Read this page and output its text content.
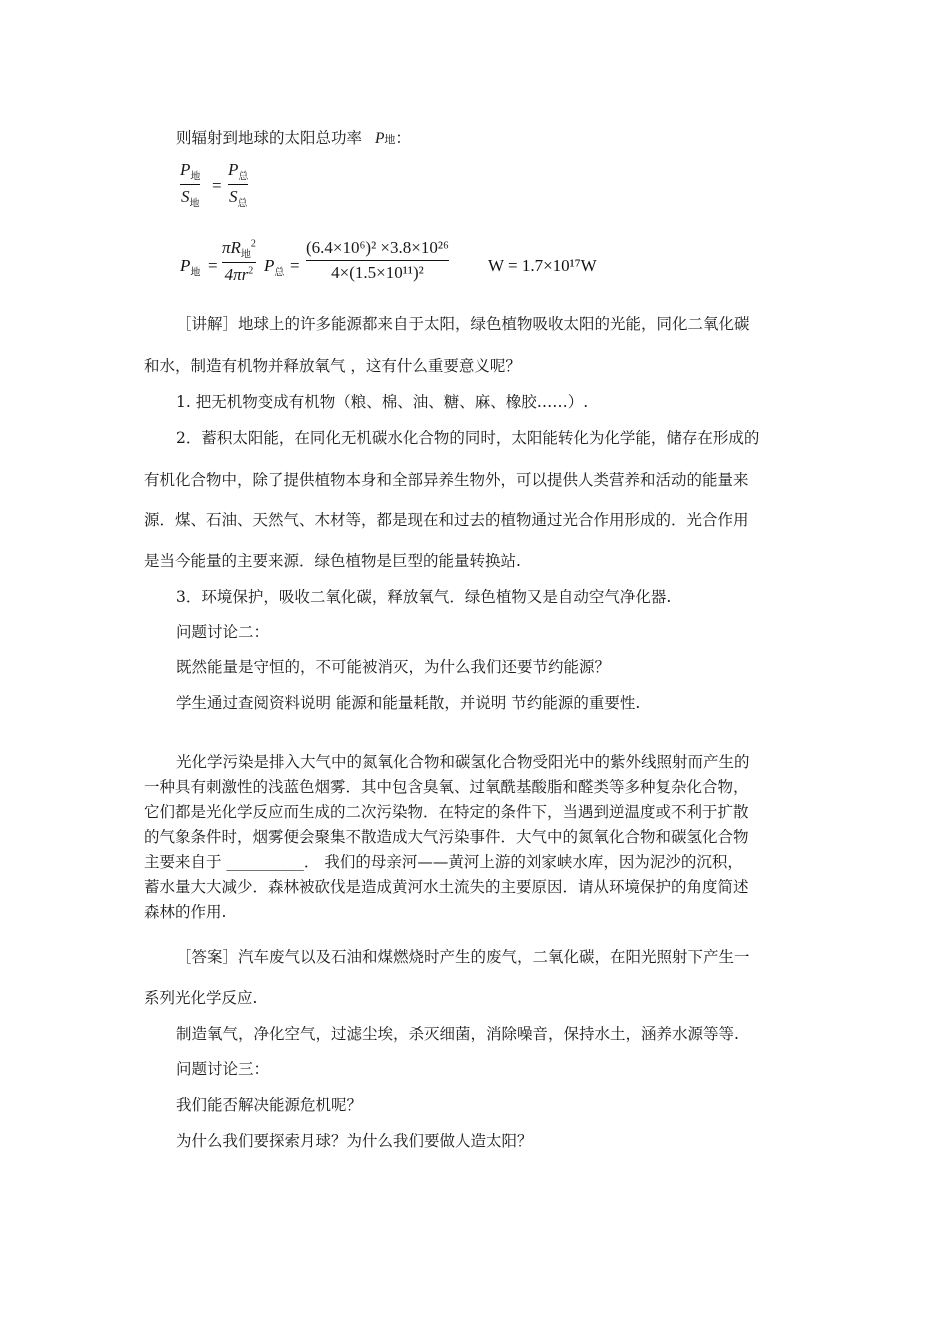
则辐射到地球的太阳总功率 P地：
$P_地$
$S_地$
=
$P_总$
$S_总$
$P_地$ =
$\pi R_地^2$
$4\pi r^2$ $P_总$ =
(6.4×10⁶)² ×3.8×10²⁶
4×(1.5×10¹¹)²	W = 1.7×10¹⁷W
［讲解］地球上的许多能源都来自于太阳，绿色植物吸收太阳的光能，同化二氧化碳
和水，制造有机物并释放氧气 ，这有什么重要意义呢？
1. 把无机物变成有机物（粮、棉、油、糖、麻、橡胶……）.
2．蓄积太阳能，在同化无机碳水化合物的同时，太阳能转化为化学能，储存在形成的
有机化合物中，除了提供植物本身和全部异养生物外，可以提供人类营养和活动的能量来
源．煤、石油、天然气、木材等，都是现在和过去的植物通过光合作用形成的．光合作用
是当今能量的主要来源．绿色植物是巨型的能量转换站.
3．环境保护，吸收二氧化碳，释放氧气．绿色植物又是自动空气净化器.
问题讨论二：
既然能量是守恒的，不可能被消灭，为什么我们还要节约能源？
学生通过查阅资料说明 能源和能量耗散，并说明 节约能源的重要性.
光化学污染是排入大气中的氮氧化合物和碳氢化合物受阳光中的紫外线照射而产生的
一种具有刺激性的浅蓝色烟雾．其中包含臭氧、过氧酰基酸脂和醛类等多种复杂化合物，
它们都是光化学反应而生成的二次污染物．在特定的条件下，当遇到逆温度或不利于扩散
的气象条件时，烟雾便会聚集不散造成大气污染事件．大气中的氮氧化合物和碳氢化合物
主要来自于 __________． 我们的母亲河——黄河上游的刘家峡水库，因为泥沙的沉积，
蓄水量大大减少．森林被砍伐是造成黄河水土流失的主要原因．请从环境保护的角度简述
森林的作用.
［答案］汽车废气以及石油和煤燃烧时产生的废气，二氧化碳，在阳光照射下产生一
系列光化学反应.
制造氧气，净化空气，过滤尘埃，杀灭细菌，消除噪音，保持水土，涵养水源等等.
问题讨论三：
我们能否解决能源危机呢？
为什么我们要探索月球？为什么我们要做人造太阳？
